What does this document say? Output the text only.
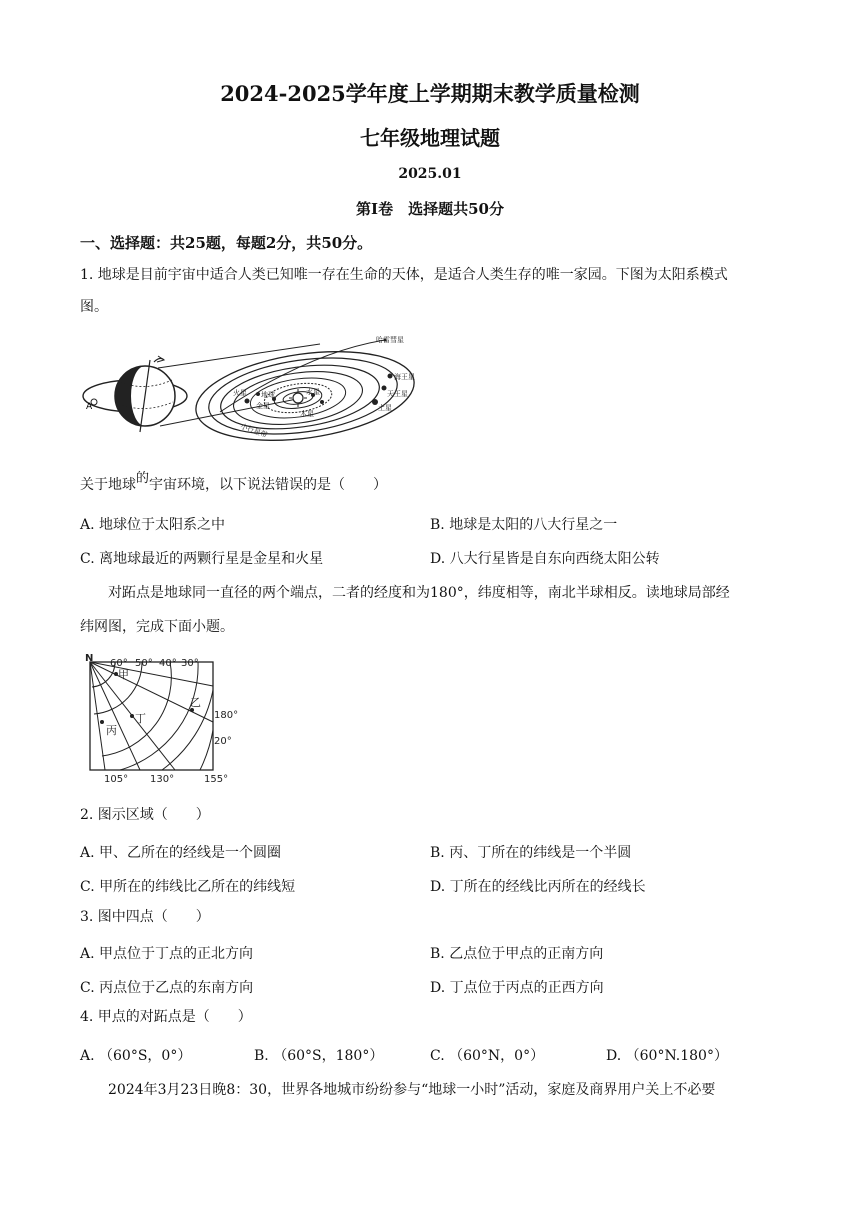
2024-2025学年度上学期期末教学质量检测
七年级地理试题
2025.01
第Ⅰ卷　选择题共50分
一、选择题：共25题，每题2分，共50分。
1. 地球是目前宇宙中适合人类已知唯一存在生命的天体，是适合人类生存的唯一家园。下图为太阳系模式
图。
A
哈雷彗星
海王星
天王星
土星
木星
水星
火星 地球
金星
小行星带
关于地球的宇宙环境，以下说法错误的是（　　）
A. 地球位于太阳系之中	B. 地球是太阳的八大行星之一
C. 离地球最近的两颗行星是金星和火星	D. 八大行星皆是自东向西绕太阳公转
对跖点是地球同一直径的两个端点，二者的经度和为180°，纬度相等，南北半球相反。读地球局部经
纬网图，完成下面小题。
N 60° 50° 40° 30°
甲
乙
丙
丁	180°
20°
105° 130°	155°
2. 图示区域（　　）
A. 甲、乙所在的经线是一个圆圈	B. 丙、丁所在的纬线是一个半圆
C. 甲所在的纬线比乙所在的纬线短	D. 丁所在的经线比丙所在的经线长
3. 图中四点（　　）
A. 甲点位于丁点的正北方向	B. 乙点位于甲点的正南方向
C. 丙点位于乙点的东南方向	D. 丁点位于丙点的正西方向
4. 甲点的对跖点是（　　）
A. （60°S，0°）	B. （60°S，180°）	C. （60°N，0°）	D. （60°N.180°）
2024年3月23日晚8：30，世界各地城市纷纷参与“地球一小时”活动，家庭及商界用户关上不必要
